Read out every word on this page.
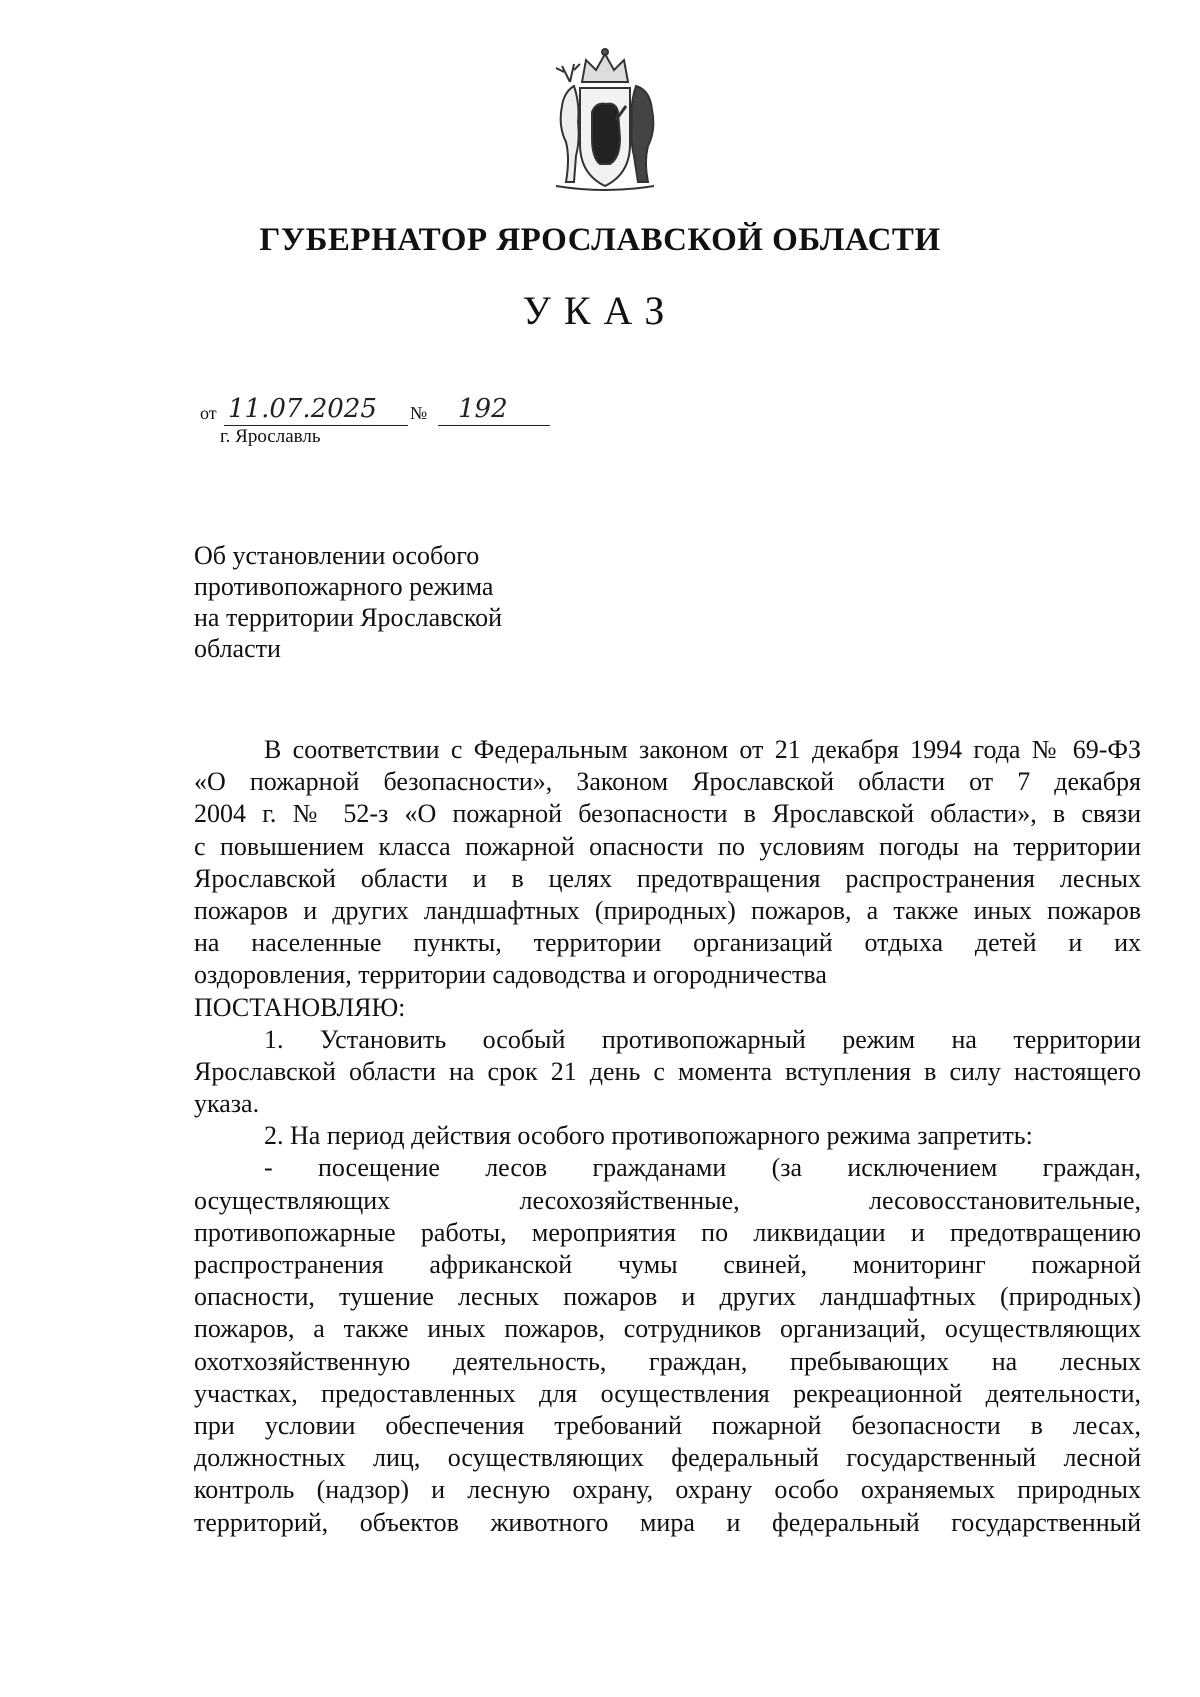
ГУБЕРНАТОР ЯРОСЛАВСКОЙ ОБЛАСТИ
УКАЗ
от 11.07.2025 № 192
г. Ярославль
Об установлении особого
противопожарного режима
на территории Ярославской
области
В соответствии с Федеральным законом от 21 декабря 1994 года № 69-ФЗ
«О пожарной безопасности», Законом Ярославской области от 7 декабря
2004 г. № 52-з «О пожарной безопасности в Ярославской области», в связи
с повышением класса пожарной опасности по условиям погоды на территории
Ярославской области и в целях предотвращения распространения лесных
пожаров и других ландшафтных (природных) пожаров, а также иных пожаров
на населенные пункты, территории организаций отдыха детей и их
оздоровления, территории садоводства и огородничества
ПОСТАНОВЛЯЮ:
1. Установить особый противопожарный режим на территории
Ярославской области на срок 21 день с момента вступления в силу настоящего
указа.
2. На период действия особого противопожарного режима запретить:
- посещение лесов гражданами (за исключением граждан,
осуществляющих лесохозяйственные, лесовосстановительные,
противопожарные работы, мероприятия по ликвидации и предотвращению
распространения африканской чумы свиней, мониторинг пожарной
опасности, тушение лесных пожаров и других ландшафтных (природных)
пожаров, а также иных пожаров, сотрудников организаций, осуществляющих
охотхозяйственную деятельность, граждан, пребывающих на лесных
участках, предоставленных для осуществления рекреационной деятельности,
при условии обеспечения требований пожарной безопасности в лесах,
должностных лиц, осуществляющих федеральный государственный лесной
контроль (надзор) и лесную охрану, охрану особо охраняемых природных
территорий, объектов животного мира и федеральный государственный
